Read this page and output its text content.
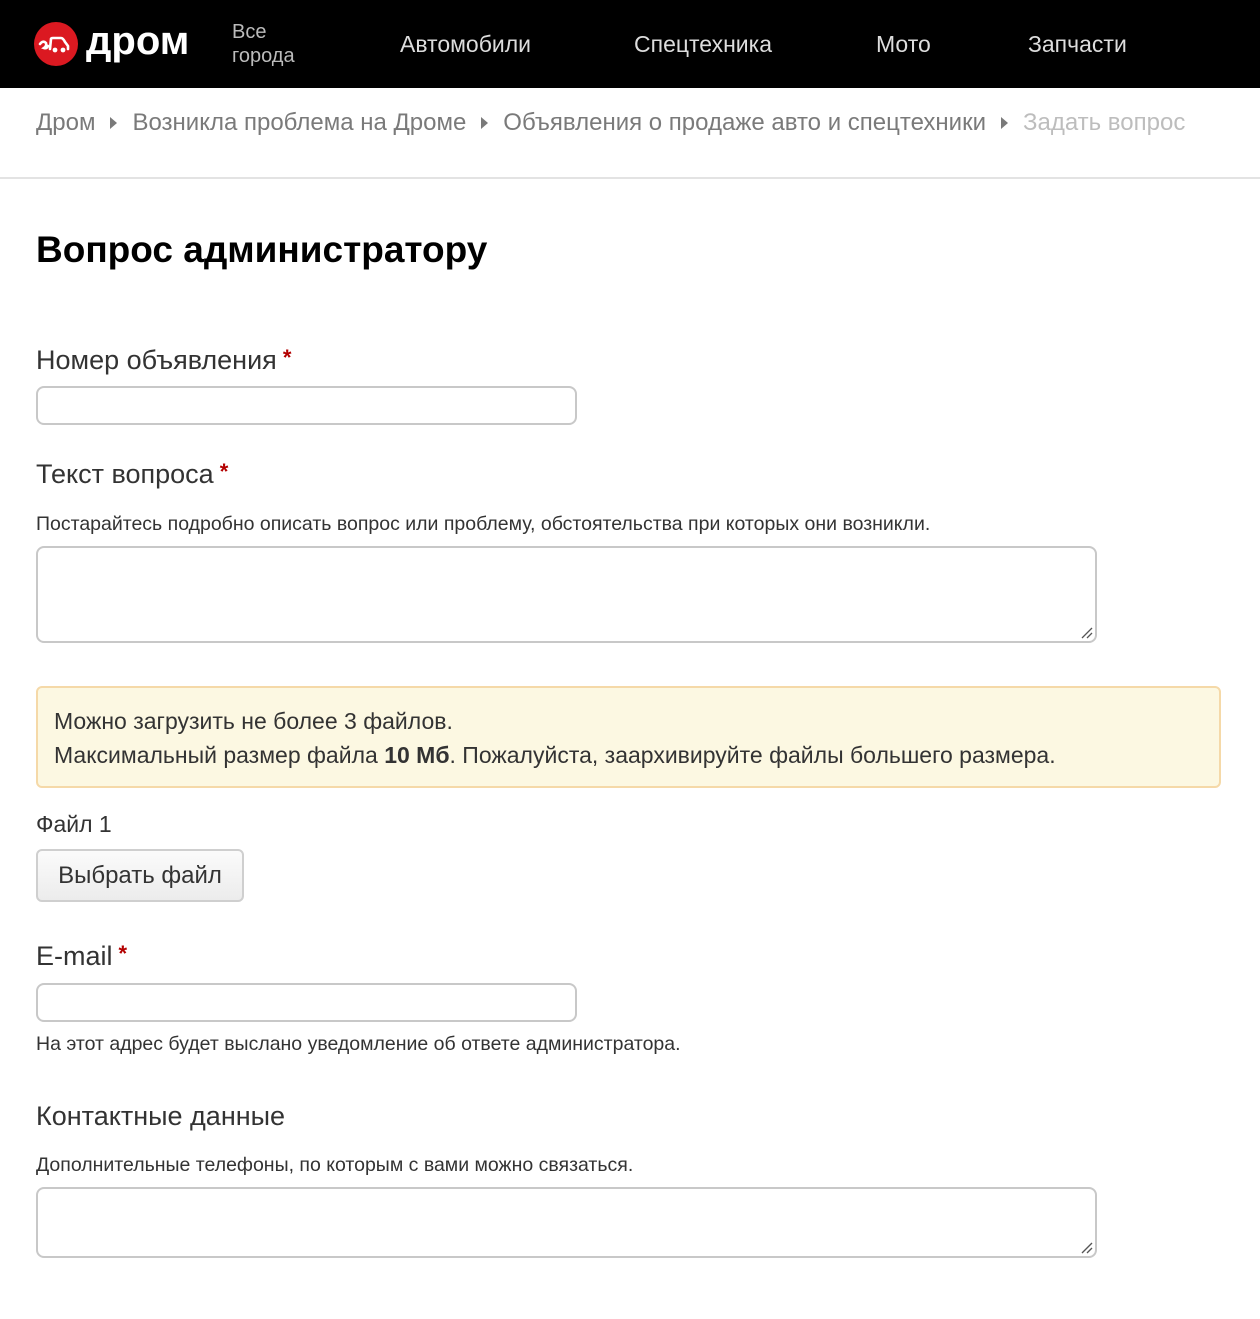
дром Все
города	Автомобили	Спецтехника	Мото	Запчасти
Дром Возникла проблема на Дроме Объявления о продаже авто и спецтехники Задать вопрос
Вопрос администратору
Номер объявления *
Текст вопроса *
Постарайтесь подробно описать вопрос или проблему, обстоятельства при которых они возникли.
Можно загрузить не более 3 файлов.
Максимальный размер файла 10 Мб. Пожалуйста, заархивируйте файлы большего размера.
Файл 1
Выбрать файл
E-mail *
На этот адрес будет выслано уведомление об ответе администратора.
Контактные данные
Дополнительные телефоны, по которым с вами можно связаться.
